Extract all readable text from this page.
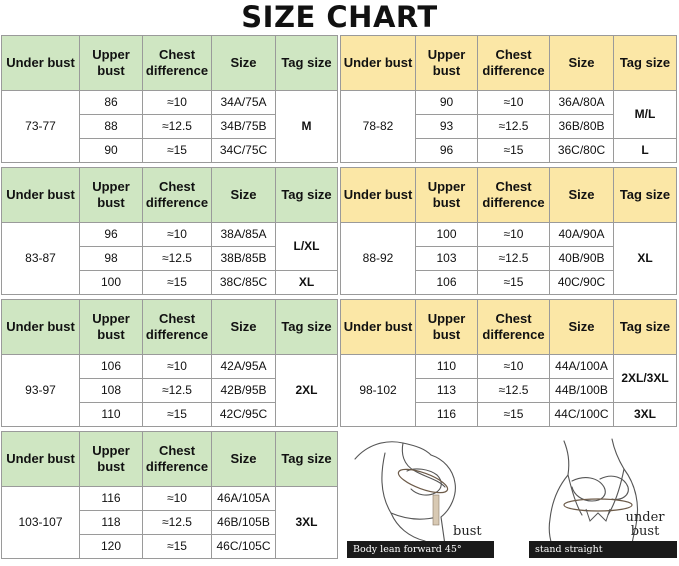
SIZE CHART
Under bust	Upper bust	Chest difference	Size	Tag size
73-77	86	≈10	34A/75A	M
	88	≈12.5	34B/75B	
	90	≈15	34C/75C	
Under bust	Upper bust	Chest difference	Size	Tag size
78-82	90	≈10	36A/80A	M/L
	93	≈12.5	36B/80B	
	96	≈15	36C/80C	L
Under bust	Upper bust	Chest difference	Size	Tag size
83-87	96	≈10	38A/85A	L/XL
	98	≈12.5	38B/85B	
	100	≈15	38C/85C	XL
Under bust	Upper bust	Chest difference	Size	Tag size
88-92	100	≈10	40A/90A	XL
	103	≈12.5	40B/90B	
	106	≈15	40C/90C	
Under bust	Upper bust	Chest difference	Size	Tag size
93-97	106	≈10	42A/95A	2XL
	108	≈12.5	42B/95B	
	110	≈15	42C/95C	
Under bust	Upper bust	Chest difference	Size	Tag size
98-102	110	≈10	44A/100A	2XL/3XL
	113	≈12.5	44B/100B	
	116	≈15	44C/100C	3XL
Under bust	Upper bust	Chest difference	Size	Tag size
103-107	116	≈10	46A/105A	3XL
	118	≈12.5	46B/105B	
	120	≈15	46C/105C	
bust
Body lean forward 45°
under bust
stand straight
